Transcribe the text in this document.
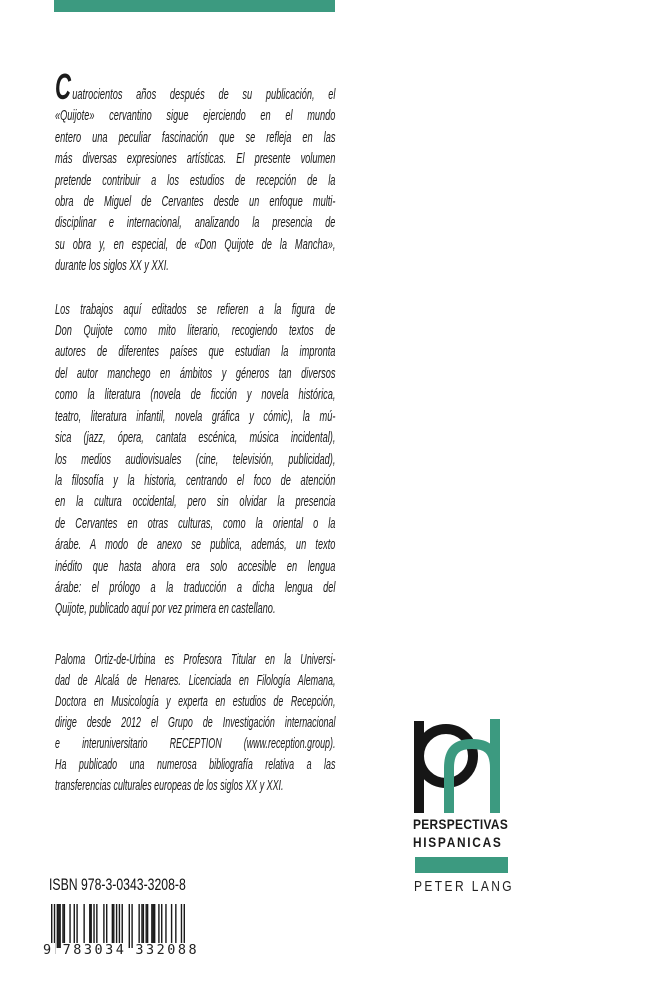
Cuatrocientos años después de su publicación, el
«Quijote» cervantino sigue ejerciendo en el mundo
entero una peculiar fascinación que se refleja en las
más diversas expresiones artísticas. El presente volumen
pretende contribuir a los estudios de recepción de la
obra de Miguel de Cervantes desde un enfoque multi-
disciplinar e internacional, analizando la presencia de
su obra y, en especial, de «Don Quijote de la Mancha»,
durante los siglos XX y XXI.
Los trabajos aquí editados se refieren a la figura de
Don Quijote como mito literario, recogiendo textos de
autores de diferentes países que estudian la impronta
del autor manchego en ámbitos y géneros tan diversos
como la literatura (novela de ficción y novela histórica,
teatro, literatura infantil, novela gráfica y cómic), la mú-
sica (jazz, ópera, cantata escénica, música incidental),
los medios audiovisuales (cine, televisión, publicidad),
la filosofía y la historia, centrando el foco de atención
en la cultura occidental, pero sin olvidar la presencia
de Cervantes en otras culturas, como la oriental o la
árabe. A modo de anexo se publica, además, un texto
inédito que hasta ahora era solo accesible en lengua
árabe: el prólogo a la traducción a dicha lengua del
Quijote, publicado aquí por vez primera en castellano.
Paloma Ortiz-de-Urbina es Profesora Titular en la Universi-
dad de Alcalá de Henares. Licenciada en Filología Alemana,
Doctora en Musicología y experta en estudios de Recepción,
dirige desde 2012 el Grupo de Investigación internacional
e interuniversitario RECEPTION (www.reception.group).
Ha publicado una numerosa bibliografía relativa a las
transferencias culturales europeas de los siglos XX y XXI.
PERSPECTIVAS
HISPANICAS
PETER LANG
ISBN 978-3-0343-3208-8
9 783034 332088
